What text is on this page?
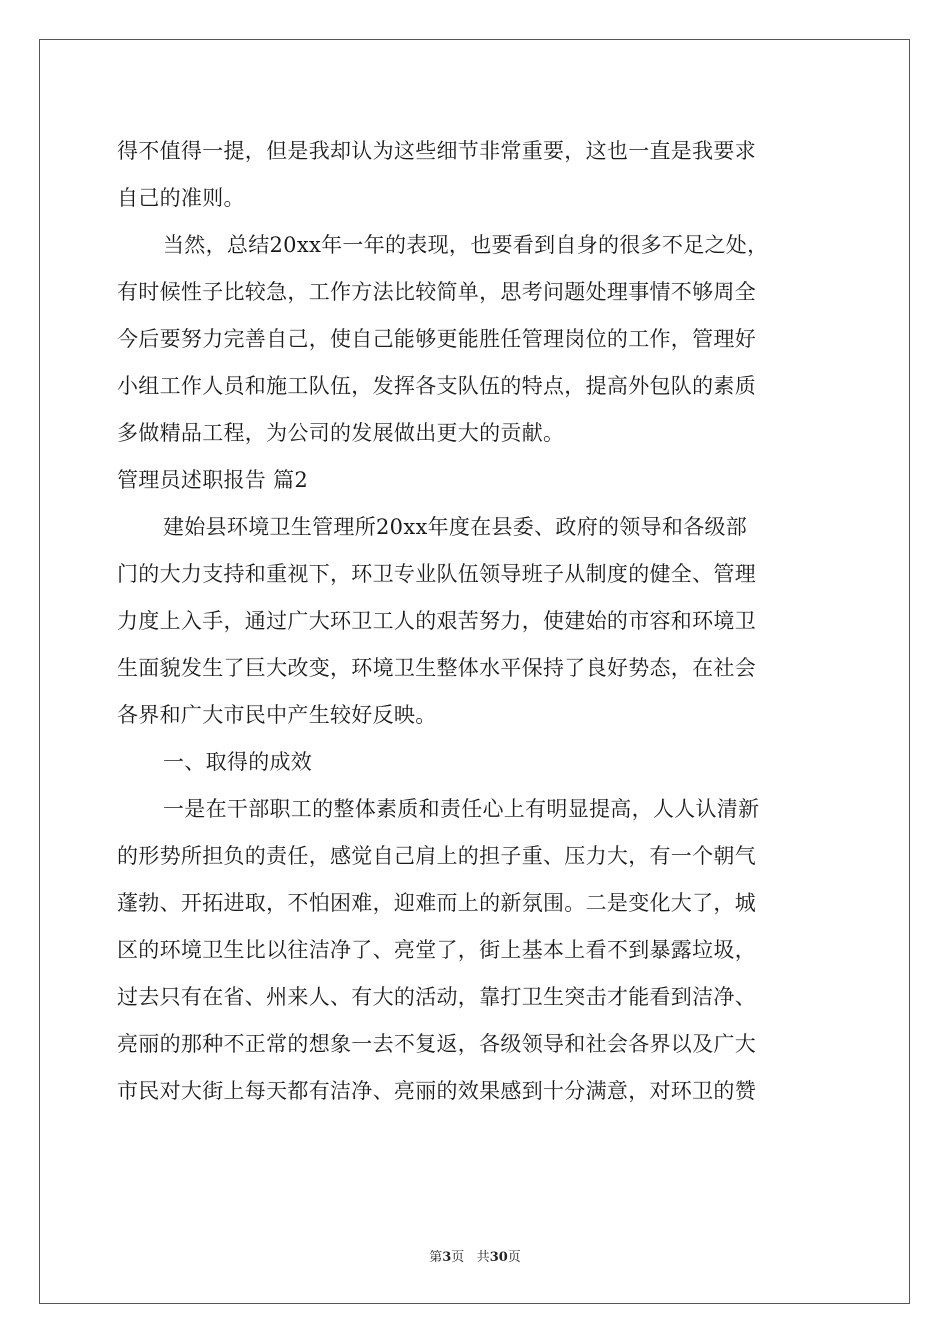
得不值得一提，但是我却认为这些细节非常重要，这也一直是我要求
自己的准则。
当然，总结20xx年一年的表现，也要看到自身的很多不足之处，
有时候性子比较急，工作方法比较简单，思考问题处理事情不够周全
今后要努力完善自己，使自己能够更能胜任管理岗位的工作，管理好
小组工作人员和施工队伍，发挥各支队伍的特点，提高外包队的素质
多做精品工程，为公司的发展做出更大的贡献。
管理员述职报告 篇2
建始县环境卫生管理所20xx年度在县委、政府的领导和各级部
门的大力支持和重视下，环卫专业队伍领导班子从制度的健全、管理
力度上入手，通过广大环卫工人的艰苦努力，使建始的市容和环境卫
生面貌发生了巨大改变，环境卫生整体水平保持了良好势态，在社会
各界和广大市民中产生较好反映。
一、取得的成效
一是在干部职工的整体素质和责任心上有明显提高，人人认清新
的形势所担负的责任，感觉自己肩上的担子重、压力大，有一个朝气
蓬勃、开拓进取，不怕困难，迎难而上的新氛围。二是变化大了，城
区的环境卫生比以往洁净了、亮堂了，街上基本上看不到暴露垃圾，
过去只有在省、州来人、有大的活动，靠打卫生突击才能看到洁净、
亮丽的那种不正常的想象一去不复返，各级领导和社会各界以及广大
市民对大街上每天都有洁净、亮丽的效果感到十分满意，对环卫的赞
第3页 共30页
